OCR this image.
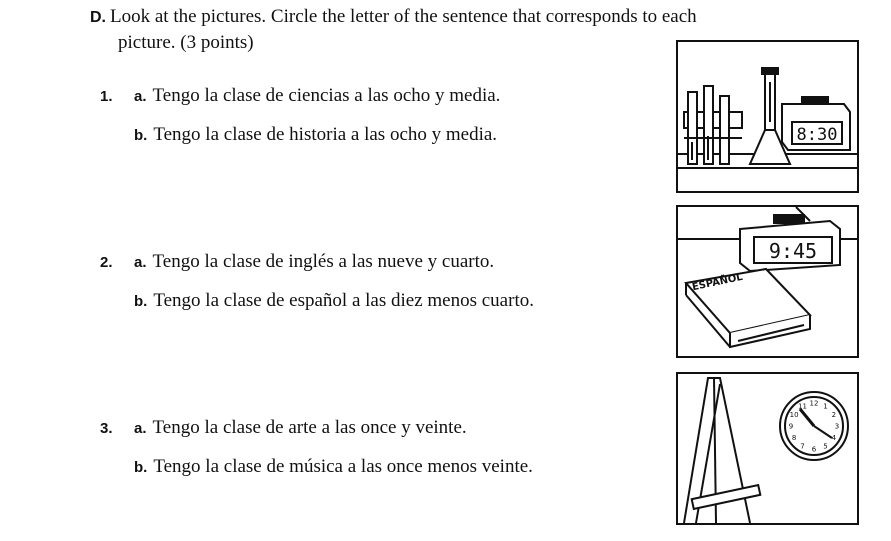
D. Look at the pictures. Circle the letter of the sentence that corresponds to each
picture. (3 points)
1. a. Tengo la clase de ciencias a las ocho y media.
b. Tengo la clase de historia a las ocho y media.
2. a. Tengo la clase de inglés a las nueve y cuarto.
b. Tengo la clase de español a las diez menos cuarto.
3. a. Tengo la clase de arte a las once y veinte.
b. Tengo la clase de música a las once menos veinte.
8:30
9:45
ESPAÑOL
12 1
2
3
4
5
6
7
8
9
10
11
